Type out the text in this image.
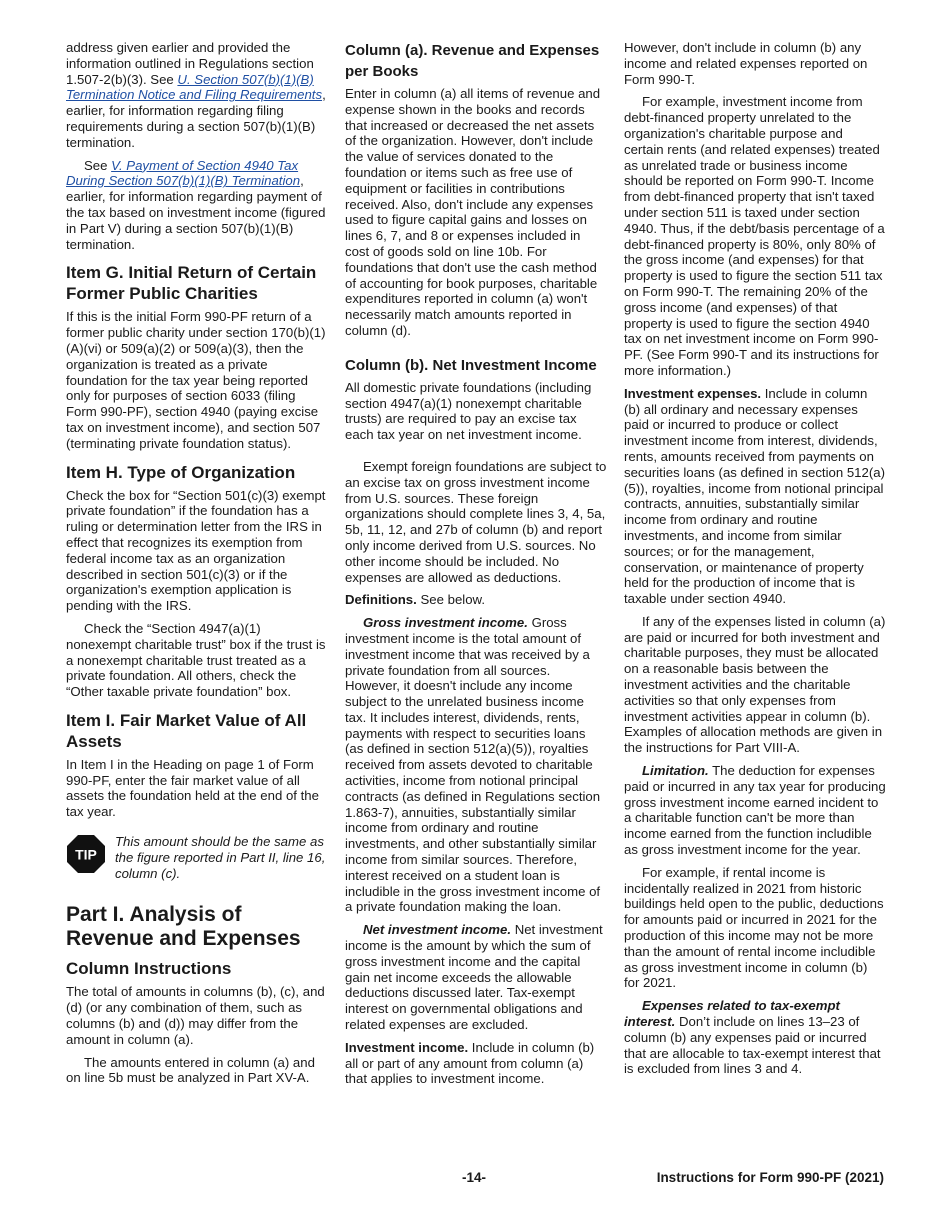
address given earlier and provided the information outlined in Regulations section 1.507-2(b)(3). See U. Section 507(b)(1)(B) Termination Notice and Filing Requirements, earlier, for information regarding filing requirements during a section 507(b)(1)(B) termination.

See V. Payment of Section 4940 Tax During Section 507(b)(1)(B) Termination, earlier, for information regarding payment of the tax based on investment income (figured in Part V) during a section 507(b)(1)(B) termination.

Item G. Initial Return of Certain Former Public Charities

If this is the initial Form 990-PF return of a former public charity under section 170(b)(1)(A)(vi) or 509(a)(2) or 509(a)(3), then the organization is treated as a private foundation for the tax year being reported only for purposes of section 6033 (filing Form 990-PF), section 4940 (paying excise tax on investment income), and section 507 (terminating private foundation status).

Item H. Type of Organization

Check the box for “Section 501(c)(3) exempt private foundation” if the foundation has a ruling or determination letter from the IRS in effect that recognizes its exemption from federal income tax as an organization described in section 501(c)(3) or if the organization's exemption application is pending with the IRS.

Check the “Section 4947(a)(1) nonexempt charitable trust” box if the trust is a nonexempt charitable trust treated as a private foundation. All others, check the “Other taxable private foundation” box.

Item I. Fair Market Value of All Assets

In Item I in the Heading on page 1 of Form 990-PF, enter the fair market value of all assets the foundation held at the end of the tax year.

TIP
This amount should be the same as the figure reported in Part II, line 16, column (c).
Part I. Analysis of Revenue and Expenses
Column Instructions

The total of amounts in columns (b), (c), and (d) (or any combination of them, such as columns (b) and (d)) may differ from the amount in column (a).

The amounts entered in column (a) and on line 5b must be analyzed in Part XV-A.

Column (a). Revenue and Expenses per Books

Enter in column (a) all items of revenue and expense shown in the books and records that increased or decreased the net assets of the organization. However, don't include the value of services donated to the foundation or items such as free use of equipment or facilities in contributions received. Also, don't include any expenses used to figure capital gains and losses on lines 6, 7, and 8 or expenses included in cost of goods sold on line 10b. For foundations that don't use the cash method of accounting for book purposes, charitable expenditures reported in column (a) won't necessarily match amounts reported in column (d).

Column (b). Net Investment Income

All domestic private foundations (including section 4947(a)(1) nonexempt charitable trusts) are required to pay an excise tax each tax year on net investment income.

Exempt foreign foundations are subject to an excise tax on gross investment income from U.S. sources. These foreign organizations should complete lines 3, 4, 5a, 5b, 11, 12, and 27b of column (b) and report only income derived from U.S. sources. No other income should be included. No expenses are allowed as deductions.

Definitions. See below.

Gross investment income. Gross investment income is the total amount of investment income that was received by a private foundation from all sources. However, it doesn't include any income subject to the unrelated business income tax. It includes interest, dividends, rents, payments with respect to securities loans (as defined in section 512(a)(5)), royalties received from assets devoted to charitable activities, income from notional principal contracts (as defined in Regulations section 1.863-7), annuities, substantially similar income from ordinary and routine investments, and other substantially similar income from similar sources. Therefore, interest received on a student loan is includible in the gross investment income of a private foundation making the loan.

Net investment income. Net investment income is the amount by which the sum of gross investment income and the capital gain net income exceeds the allowable deductions discussed later. Tax-exempt interest on governmental obligations and related expenses are excluded.

Investment income. Include in column (b) all or part of any amount from column (a) that applies to investment income.

However, don't include in column (b) any income and related expenses reported on Form 990-T.

For example, investment income from debt-financed property unrelated to the organization's charitable purpose and certain rents (and related expenses) treated as unrelated trade or business income should be reported on Form 990-T. Income from debt-financed property that isn't taxed under section 511 is taxed under section 4940. Thus, if the debt/basis percentage of a debt-financed property is 80%, only 80% of the gross income (and expenses) for that property is used to figure the section 511 tax on Form 990-T. The remaining 20% of the gross income (and expenses) of that property is used to figure the section 4940 tax on net investment income on Form 990-PF. (See Form 990-T and its instructions for more information.)

Investment expenses. Include in column (b) all ordinary and necessary expenses paid or incurred to produce or collect investment income from interest, dividends, rents, amounts received from payments on securities loans (as defined in section 512(a)(5)), royalties, income from notional principal contracts, annuities, substantially similar income from ordinary and routine investments, and income from similar sources; or for the management, conservation, or maintenance of property held for the production of income that is taxable under section 4940.

If any of the expenses listed in column (a) are paid or incurred for both investment and charitable purposes, they must be allocated on a reasonable basis between the investment activities and the charitable activities so that only expenses from investment activities appear in column (b). Examples of allocation methods are given in the instructions for Part VIII-A.

Limitation. The deduction for expenses paid or incurred in any tax year for producing gross investment income earned incident to a charitable function can't be more than income earned from the function includible as gross investment income for the year.

For example, if rental income is incidentally realized in 2021 from historic buildings held open to the public, deductions for amounts paid or incurred in 2021 for the production of this income may not be more than the amount of rental income includible as gross investment income in column (b) for 2021.

Expenses related to tax-exempt interest. Don’t include on lines 13–23 of column (b) any expenses paid or incurred that are allocable to tax-exempt interest that is excluded from lines 3 and 4.

-14-	Instructions for Form 990-PF (2021)
